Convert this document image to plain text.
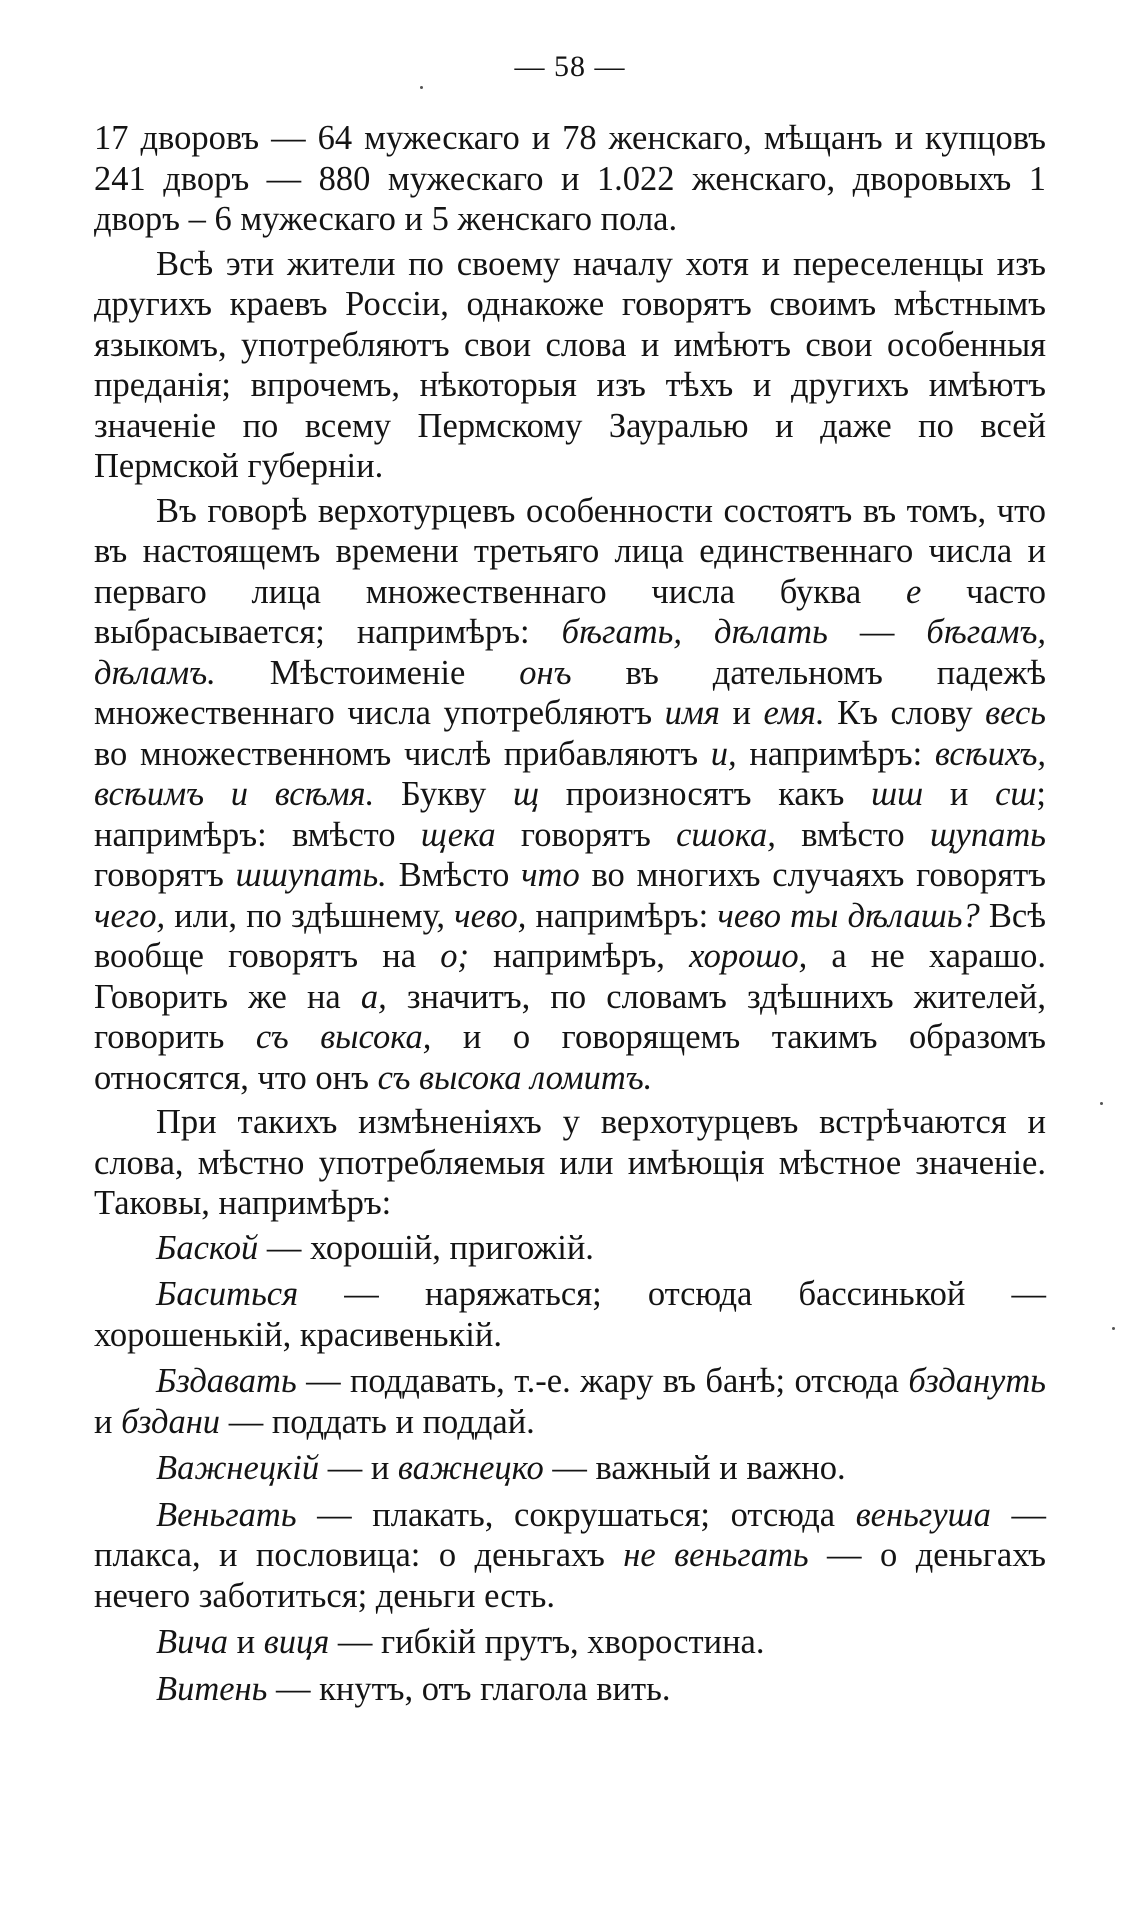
— 58 —

17 дворовъ — 64 мужескаго и 78 женскаго, мѣщанъ и купцовъ 241 дворъ — 880 мужескаго и 1.022 женскаго, дворовыхъ 1 дворъ – 6 мужескаго и 5 женскаго пола.

Всѣ эти жители по своему началу хотя и переселенцы изъ другихъ краевъ Россіи, однакоже говорятъ своимъ мѣстнымъ языкомъ, употребляютъ свои слова и имѣютъ свои особенныя преданія; впрочемъ, нѣкоторыя изъ тѣхъ и другихъ имѣютъ значеніе по всему Пермскому Зауралью и даже по всей Пермской губерніи.

Въ говорѣ верхотурцевъ особенности состоятъ въ томъ, что въ настоящемъ времени третьяго лица единственнаго числа и перваго лица множественнаго числа буква е часто выбрасывается; напримѣръ: бѣгать, дѣлать — бѣгамъ, дѣламъ. Мѣстоименіе онъ въ дательномъ падежѣ множественнаго числа употребляютъ имя и емя. Къ слову весь во множественномъ числѣ прибавляютъ и, напримѣръ: всѣихъ, всѣимъ и всѣмя. Букву щ произносятъ какъ шш и сш; напримѣръ: вмѣсто щека говорятъ сшока, вмѣсто щупать говорятъ шшупать. Вмѣсто что во многихъ случаяхъ говорятъ чего, или, по здѣшнему, чево, напримѣръ: чево ты дѣлашь? Всѣ вообще говорятъ на о; напримѣръ, хорошо, а не харашо. Говорить же на а, значитъ, по словамъ здѣшнихъ жителей, говорить съ высока, и о говорящемъ такимъ образомъ относятся, что онъ съ высока ломитъ.

При такихъ измѣненіяхъ у верхотурцевъ встрѣчаются и слова, мѣстно употребляемыя или имѣющія мѣстное значеніе. Таковы, напримѣръ:

Баской — хорошій, пригожій.

Баситься — наряжаться; отсюда бассинькой — хорошенькій, красивенькій.

Бздавать — поддавать, т.-е. жару въ банѣ; отсюда бздануть и бздани — поддать и поддай.

Важнецкій — и важнецко — важный и важно.

Веньгать — плакать, сокрушаться; отсюда веньгуша — плакса, и пословица: о деньгахъ не веньгать — о деньгахъ нечего заботиться; деньги есть.

Вича и виця — гибкій прутъ, хворостина.

Витень — кнутъ, отъ глагола вить.
